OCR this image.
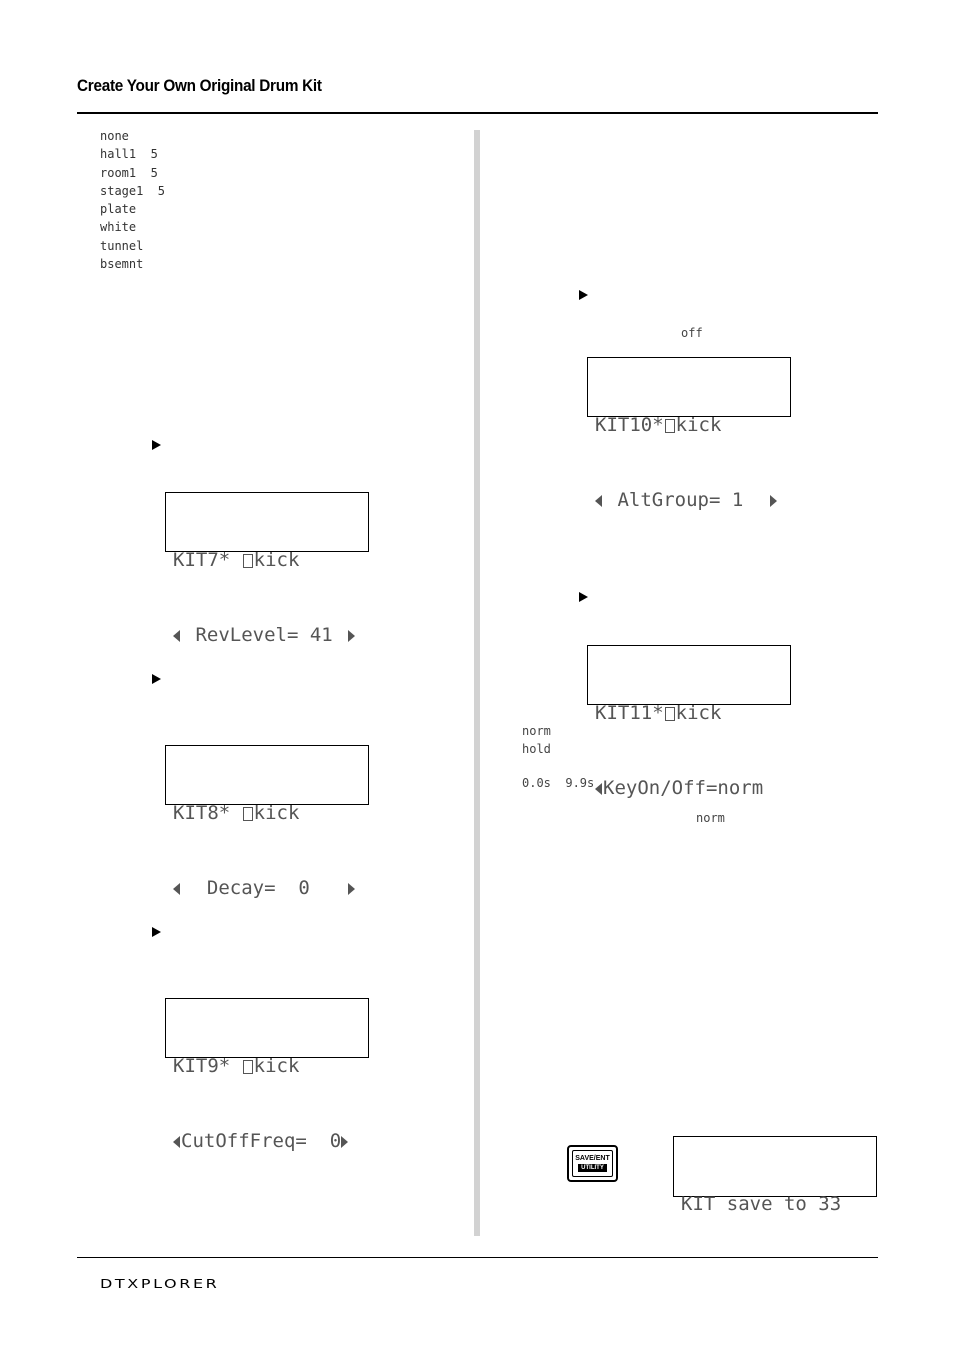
Create Your Own Original Drum Kit
none
hall1  5
room1  5
stage1  5
plate
white
tunnel
bsemnt

KIT7* kick

RevLevel= 41

KIT8* kick

Decay=  0

KIT9* kick

CutOffFreq=  0

off

KIT10* kick

AltGroup= 1

KIT11* kick

KeyOn/Off=norm

norm
hold
0.0s  9.9s
norm
SAVE/ENT
UTILITY

KIT save to 33

DTXPLORER
